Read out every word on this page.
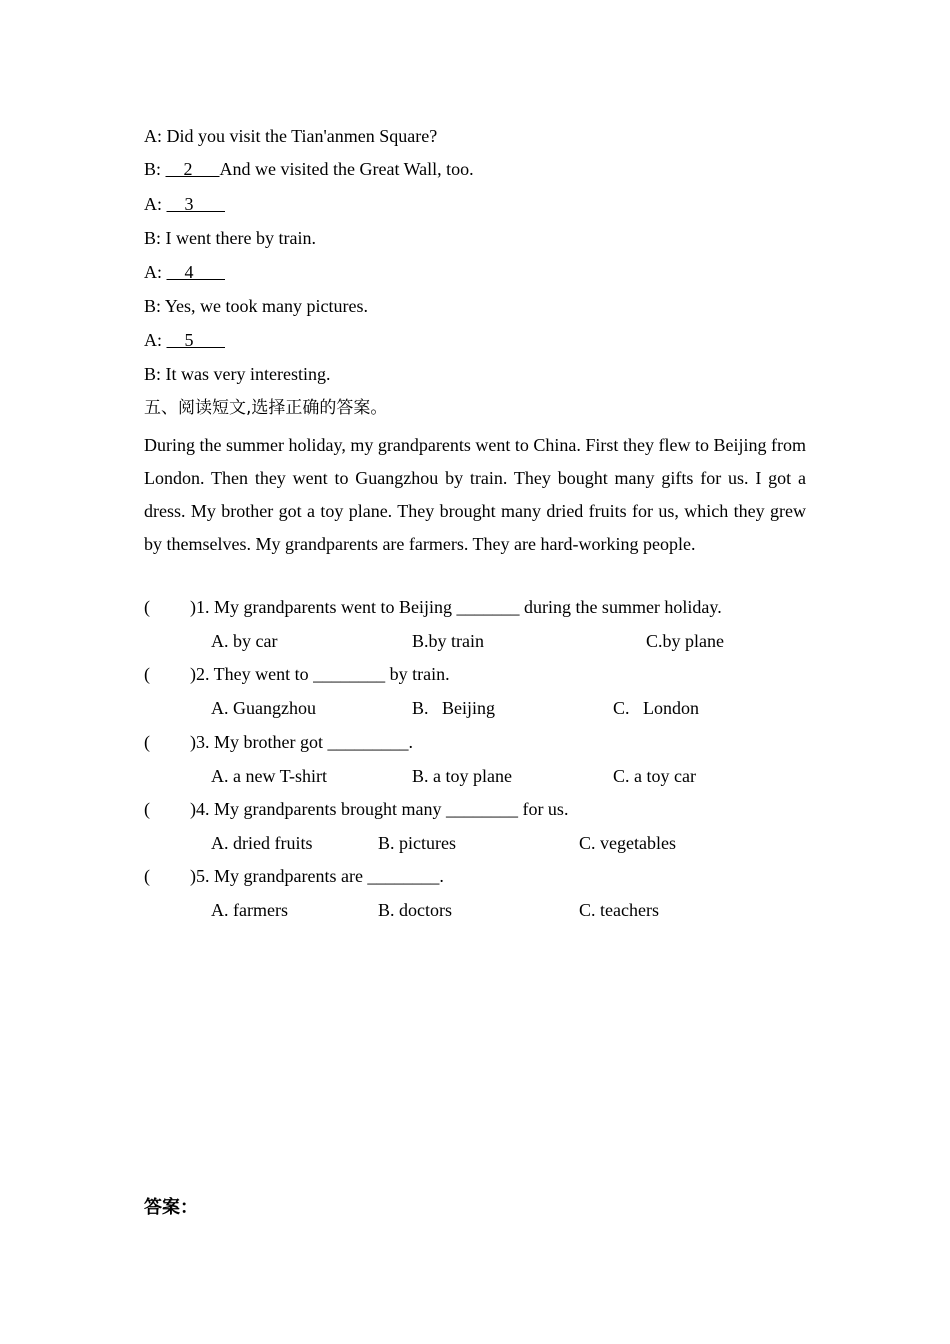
A: Did you visit the Tian'anmen Square?
B:     2      And we visited the Great Wall, too.
A:     3
B: I went there by train.
A:     4
B: Yes, we took many pictures.
A:     5
B: It was very interesting.
五、阅读短文,选择正确的答案。
During the summer holiday, my grandparents went to China. First they flew to Beijing from London. Then they went to Guangzhou by train. They bought many gifts for us. I got a dress. My brother got a toy plane. They brought many dried fruits for us, which they grew by themselves. My grandparents are farmers. They are hard-working people.
( )1. My grandparents went to Beijing _______ during the summer holiday.
A. by car	B.by train	C.by plane
( )2. They went to ________ by train.
A. Guangzhou	B.   Beijing	C.   London
( )3. My brother got _________.
A. a new T-shirt	B. a toy plane	C. a toy car
( )4. My grandparents brought many ________ for us.
A. dried fruits	B. pictures	C. vegetables
( )5. My grandparents are ________.
A. farmers	B. doctors	C. teachers
答案：
